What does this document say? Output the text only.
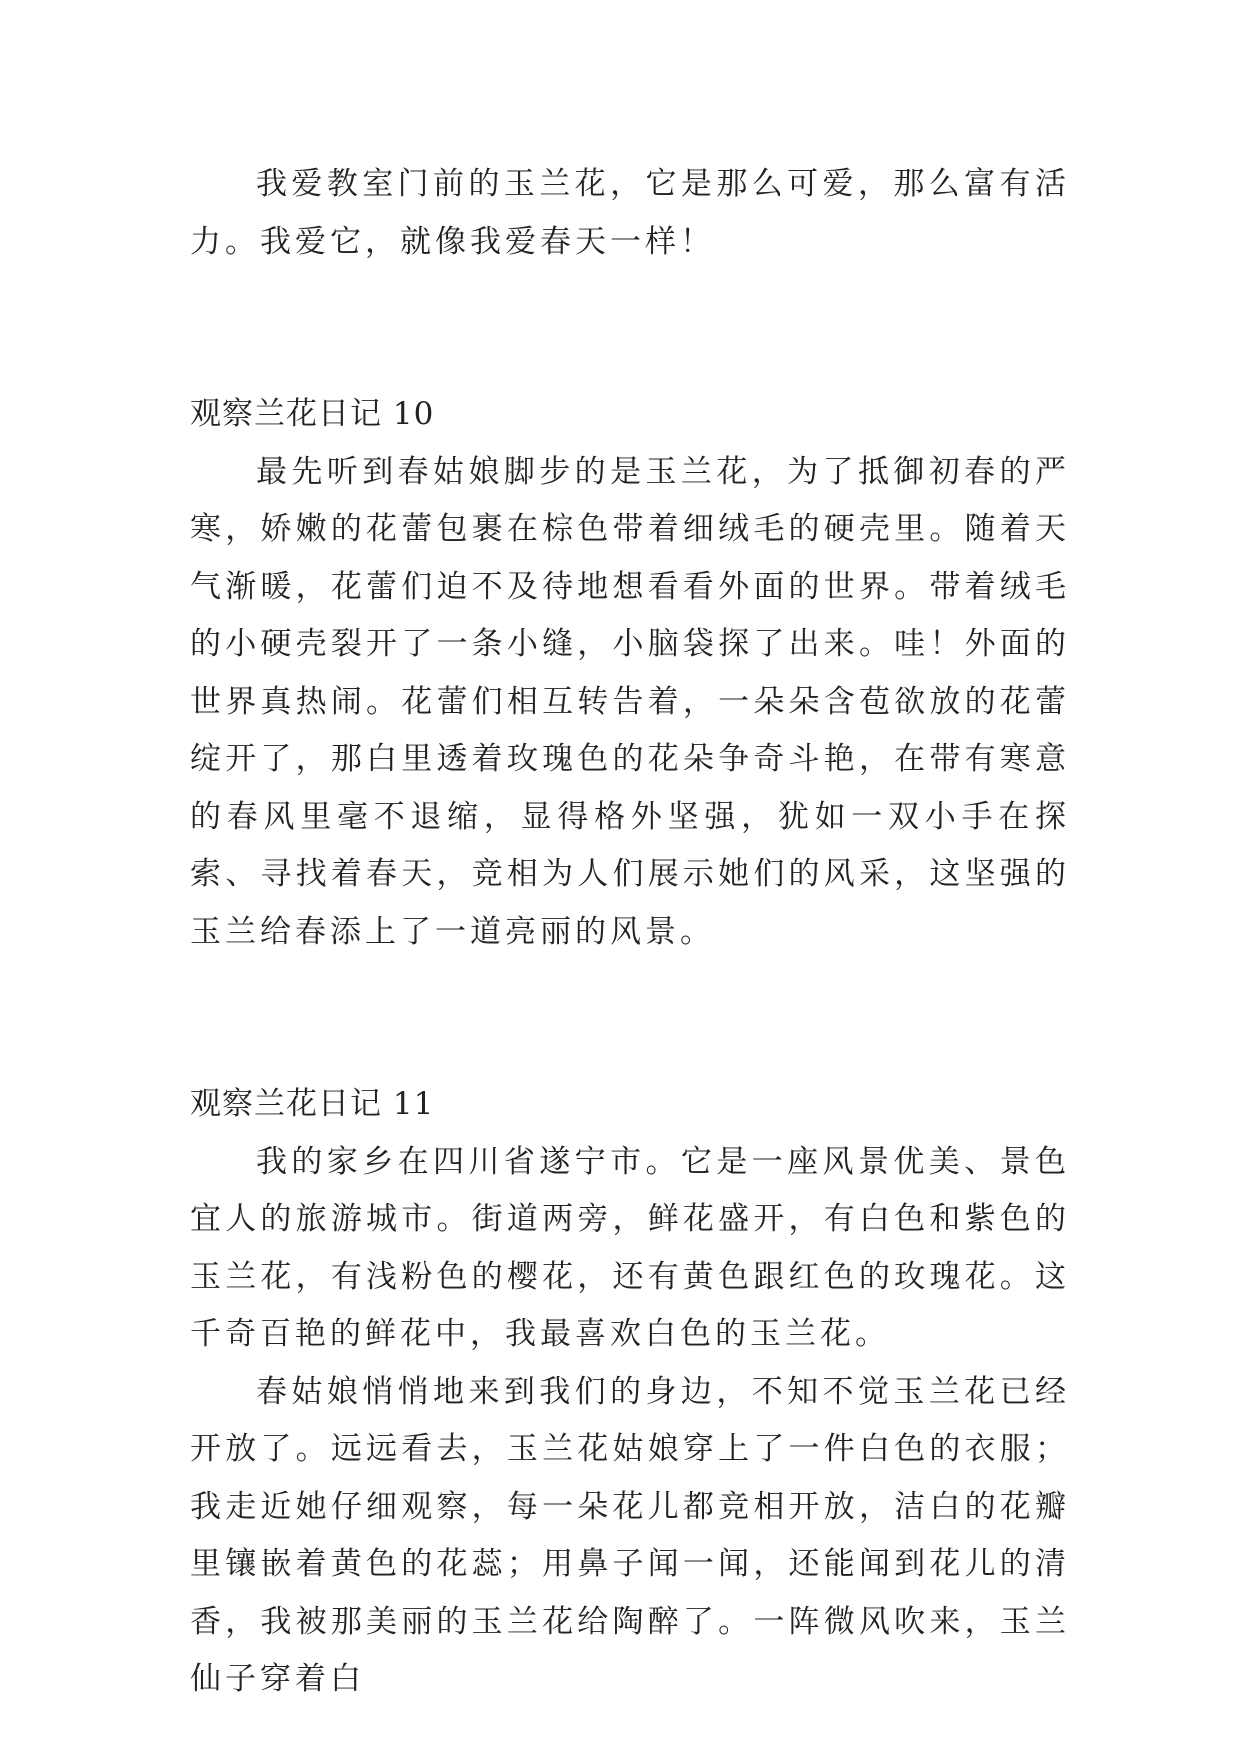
我爱教室门前的玉兰花，它是那么可爱，那么富有活力。我爱它，就像我爱春天一样！

观察兰花日记 10

最先听到春姑娘脚步的是玉兰花，为了抵御初春的严寒，娇嫩的花蕾包裹在棕色带着细绒毛的硬壳里。随着天气渐暖，花蕾们迫不及待地想看看外面的世界。带着绒毛的小硬壳裂开了一条小缝，小脑袋探了出来。哇！外面的世界真热闹。花蕾们相互转告着，一朵朵含苞欲放的花蕾绽开了，那白里透着玫瑰色的花朵争奇斗艳，在带有寒意的春风里毫不退缩，显得格外坚强，犹如一双小手在探索、寻找着春天，竞相为人们展示她们的风采，这坚强的玉兰给春添上了一道亮丽的风景。

观察兰花日记 11

我的家乡在四川省遂宁市。它是一座风景优美、景色宜人的旅游城市。街道两旁，鲜花盛开，有白色和紫色的玉兰花，有浅粉色的樱花，还有黄色跟红色的玫瑰花。这千奇百艳的鲜花中，我最喜欢白色的玉兰花。

春姑娘悄悄地来到我们的身边，不知不觉玉兰花已经开放了。远远看去，玉兰花姑娘穿上了一件白色的衣服；我走近她仔细观察，每一朵花儿都竞相开放，洁白的花瓣里镶嵌着黄色的花蕊；用鼻子闻一闻，还能闻到花儿的清香，我被那美丽的玉兰花给陶醉了。一阵微风吹来，玉兰仙子穿着白
